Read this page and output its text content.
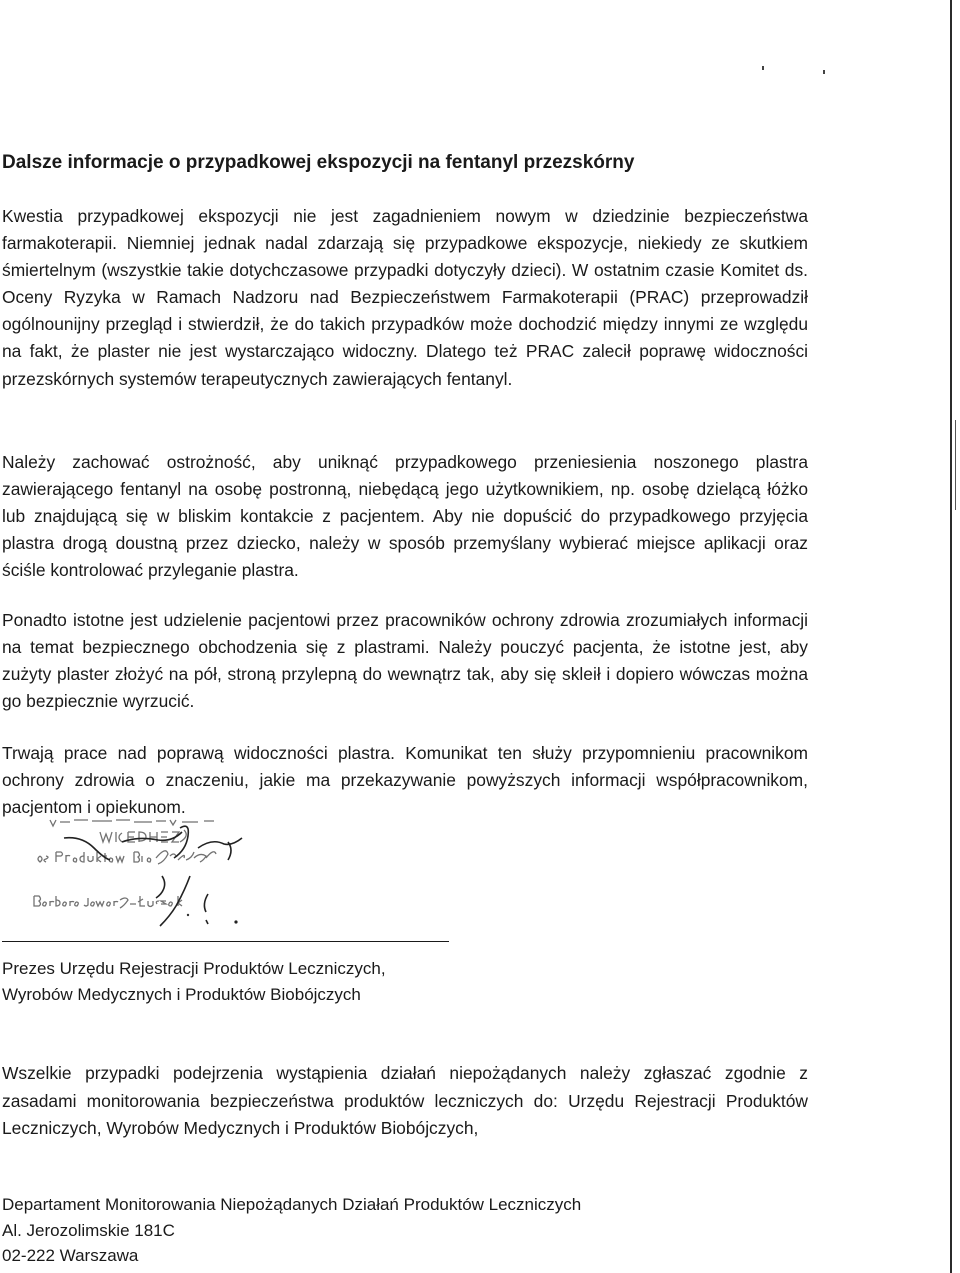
Dalsze informacje o przypadkowej ekspozycji na fentanyl przezskórny

Kwestia przypadkowej ekspozycji nie jest zagadnieniem nowym w dziedzinie bezpieczeństwa farmakoterapii. Niemniej jednak nadal zdarzają się przypadkowe ekspozycje, niekiedy ze skutkiem śmiertelnym (wszystkie takie dotychczasowe przypadki dotyczyły dzieci). W ostatnim czasie Komitet ds. Oceny Ryzyka w Ramach Nadzoru nad Bezpieczeństwem Farmakoterapii (PRAC) przeprowadził ogólnounijny przegląd i stwierdził, że do takich przypadków może dochodzić między innymi ze względu na fakt, że plaster nie jest wystarczająco widoczny. Dlatego też PRAC zalecił poprawę widoczności przezskórnych systemów terapeutycznych zawierających fentanyl.

Należy zachować ostrożność, aby uniknąć przypadkowego przeniesienia noszonego plastra zawierającego fentanyl na osobę postronną, niebędącą jego użytkownikiem, np. osobę dzielącą łóżko lub znajdującą się w bliskim kontakcie z pacjentem. Aby nie dopuścić do przypadkowego przyjęcia plastra drogą doustną przez dziecko, należy w sposób przemyślany wybierać miejsce aplikacji oraz ściśle kontrolować przyleganie plastra.

Ponadto istotne jest udzielenie pacjentowi przez pracowników ochrony zdrowia zrozumiałych informacji na temat bezpiecznego obchodzenia się z plastrami. Należy pouczyć pacjenta, że istotne jest, aby zużyty plaster złożyć na pół, stroną przylepną do wewnątrz tak, aby się skleił i dopiero wówczas można go bezpiecznie wyrzucić.

Trwają prace nad poprawą widoczności plastra. Komunikat ten służy przypomnieniu pracownikom ochrony zdrowia o znaczeniu, jakie ma przekazywanie powyższych informacji współpracownikom, pacjentom i opiekunom.

Prezes Urzędu Rejestracji Produktów Leczniczych,
Wyrobów Medycznych i Produktów Biobójczych

Wszelkie przypadki podejrzenia wystąpienia działań niepożądanych należy zgłaszać zgodnie z zasadami monitorowania bezpieczeństwa produktów leczniczych do: Urzędu Rejestracji Produktów Leczniczych, Wyrobów Medycznych i Produktów Biobójczych,

Departament Monitorowania Niepożądanych Działań Produktów Leczniczych
Al. Jerozolimskie 181C
02-222 Warszawa
